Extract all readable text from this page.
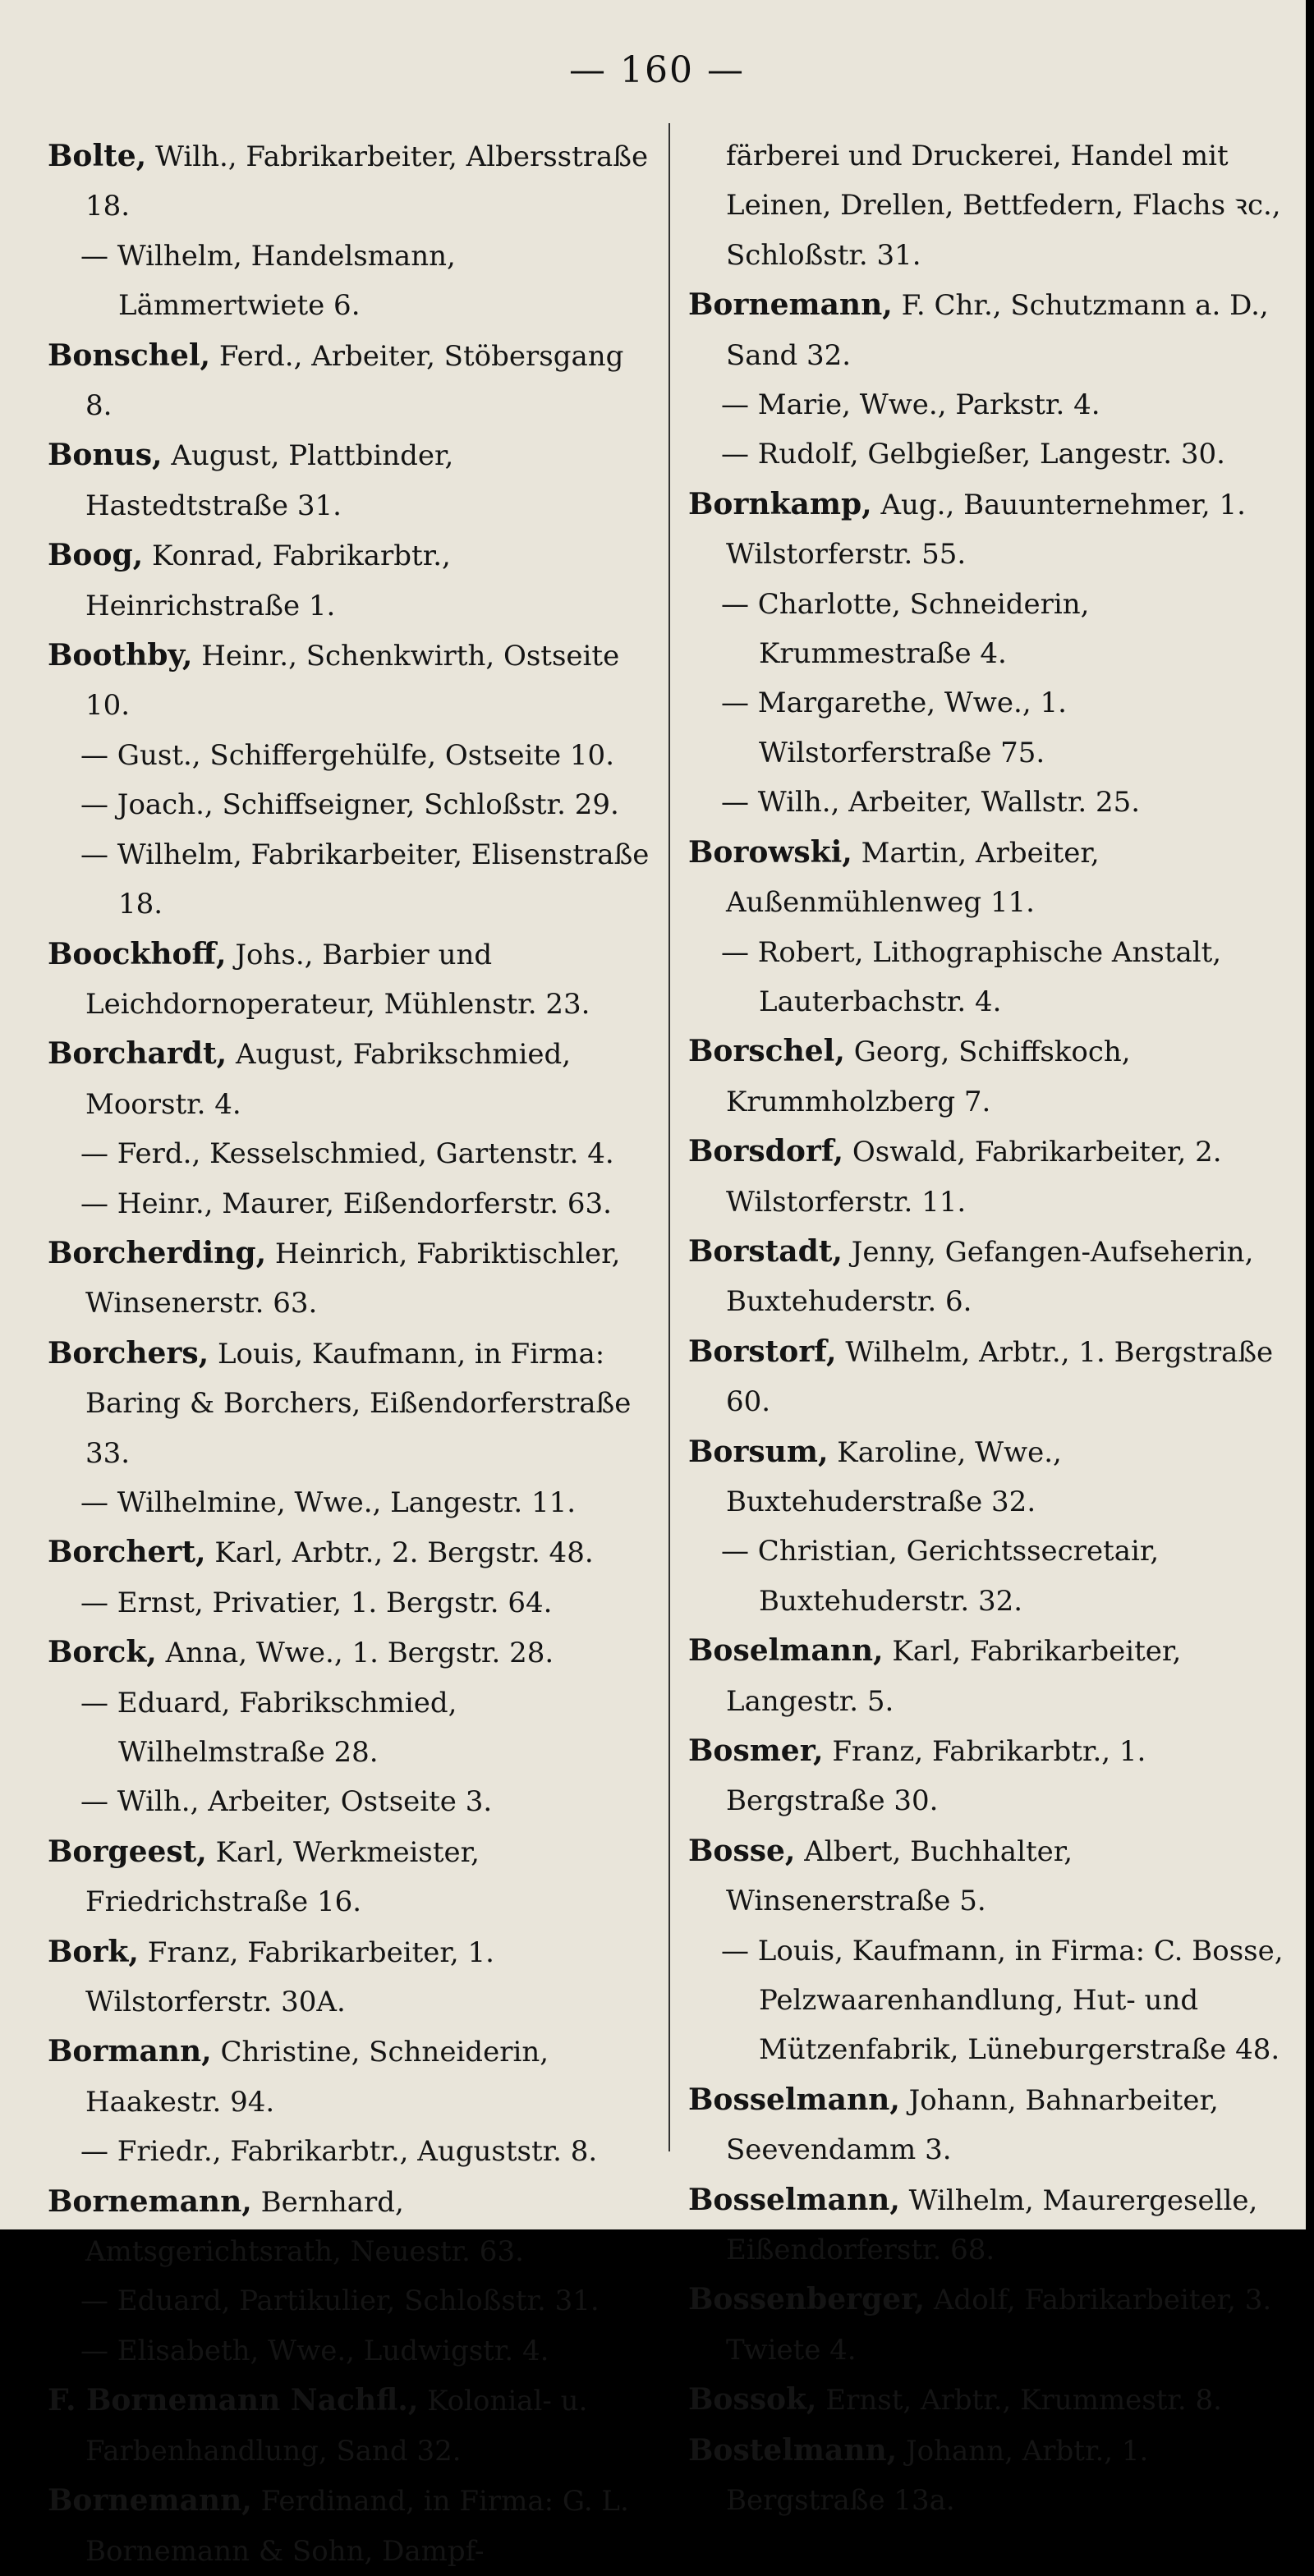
— 160 —

Bolte, Wilh., Fabrikarbeiter, Albersstraße 18.

— Wilhelm, Handelsmann, Lämmertwiete 6.

Bonschel, Ferd., Arbeiter, Stöbersgang 8.

Bonus, August, Plattbinder, Hastedtstraße 31.

Boog, Konrad, Fabrikarbtr., Heinrichstraße 1.

Boothby, Heinr., Schenkwirth, Ostseite 10.

— Gust., Schiffergehülfe, Ostseite 10.

— Joach., Schiffseigner, Schloßstr. 29.

— Wilhelm, Fabrikarbeiter, Elisenstraße 18.

Boockhoff, Johs., Barbier und Leichdornoperateur, Mühlenstr. 23.

Borchardt, August, Fabrikschmied, Moorstr. 4.

— Ferd., Kesselschmied, Gartenstr. 4.

— Heinr., Maurer, Eißendorferstr. 63.

Borcherding, Heinrich, Fabriktischler, Winsenerstr. 63.

Borchers, Louis, Kaufmann, in Firma: Baring & Borchers, Eißendorferstraße 33.

— Wilhelmine, Wwe., Langestr. 11.

Borchert, Karl, Arbtr., 2. Bergstr. 48.

— Ernst, Privatier, 1. Bergstr. 64.

Borck, Anna, Wwe., 1. Bergstr. 28.

— Eduard, Fabrikschmied, Wilhelmstraße 28.

— Wilh., Arbeiter, Ostseite 3.

Borgeest, Karl, Werkmeister, Friedrichstraße 16.

Bork, Franz, Fabrikarbeiter, 1. Wilstorferstr. 30A.

Bormann, Christine, Schneiderin, Haakestr. 94.

— Friedr., Fabrikarbtr., Auguststr. 8.

Bornemann, Bernhard, Amtsgerichtsrath, Neuestr. 63.

— Eduard, Partikulier, Schloßstr. 31.

— Elisabeth, Wwe., Ludwigstr. 4.

F. Bornemann Nachfl., Kolonial- u. Farbenhandlung, Sand 32.

Bornemann, Ferdinand, in Firma: G. L. Bornemann & Sohn, Dampf-

färberei und Druckerei, Handel mit Leinen, Drellen, Bettfedern, Flachs ꝛc., Schloßstr. 31.

Bornemann, F. Chr., Schutzmann a. D., Sand 32.

— Marie, Wwe., Parkstr. 4.

— Rudolf, Gelbgießer, Langestr. 30.

Bornkamp, Aug., Bauunternehmer, 1. Wilstorferstr. 55.

— Charlotte, Schneiderin, Krummestraße 4.

— Margarethe, Wwe., 1. Wilstorferstraße 75.

— Wilh., Arbeiter, Wallstr. 25.

Borowski, Martin, Arbeiter, Außenmühlenweg 11.

— Robert, Lithographische Anstalt, Lauterbachstr. 4.

Borschel, Georg, Schiffskoch, Krummholzberg 7.

Borsdorf, Oswald, Fabrikarbeiter, 2. Wilstorferstr. 11.

Borstadt, Jenny, Gefangen-Aufseherin, Buxtehuderstr. 6.

Borstorf, Wilhelm, Arbtr., 1. Bergstraße 60.

Borsum, Karoline, Wwe., Buxtehuderstraße 32.

— Christian, Gerichtssecretair, Buxtehuderstr. 32.

Boselmann, Karl, Fabrikarbeiter, Langestr. 5.

Bosmer, Franz, Fabrikarbtr., 1. Bergstraße 30.

Bosse, Albert, Buchhalter, Winsenerstraße 5.

— Louis, Kaufmann, in Firma: C. Bosse, Pelzwaarenhandlung, Hut- und Mützenfabrik, Lüneburgerstraße 48.

Bosselmann, Johann, Bahnarbeiter, Seevendamm 3.

Bosselmann, Wilhelm, Maurergeselle, Eißendorferstr. 68.

Bossenberger, Adolf, Fabrikarbeiter, 3. Twiete 4.

Bossok, Ernst, Arbtr., Krummestr. 8.

Bostelmann, Johann, Arbtr., 1. Bergstraße 13a.
